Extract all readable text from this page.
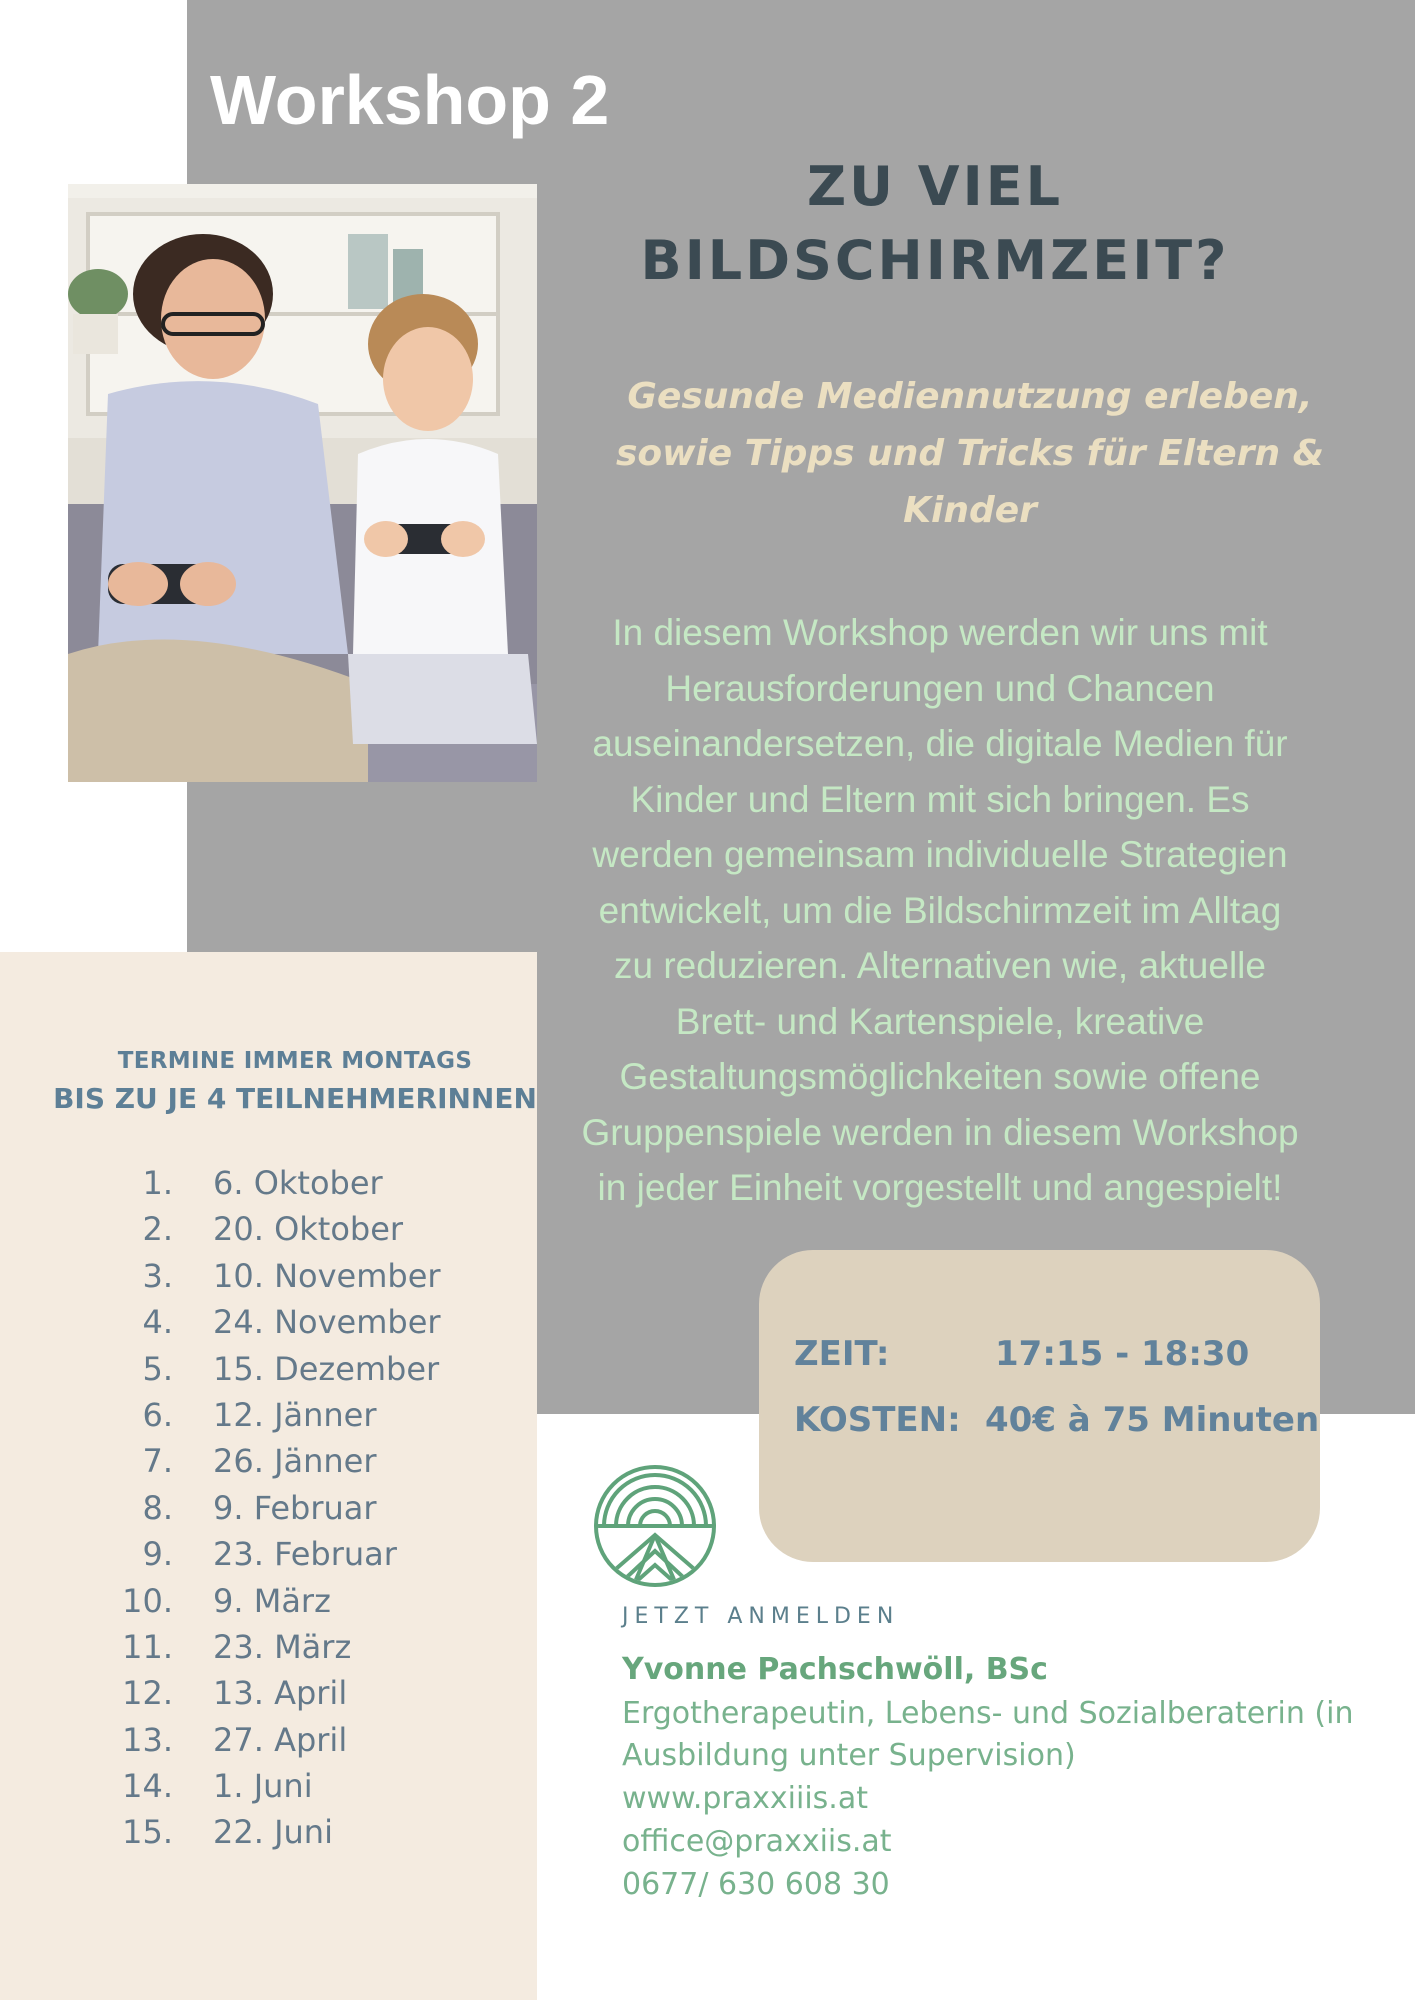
Workshop 2
ZU VIEL
BILDSCHIRMZEIT?
Gesunde Mediennutzung erleben,
sowie Tipps und Tricks für Eltern &
Kinder
In diesem Workshop werden wir uns mit
Herausforderungen und Chancen
auseinandersetzen, die digitale Medien für
Kinder und Eltern mit sich bringen. Es
werden gemeinsam individuelle Strategien
entwickelt, um die Bildschirmzeit im Alltag
zu reduzieren. Alternativen wie, aktuelle
Brett- und Kartenspiele, kreative
Gestaltungsmöglichkeiten sowie offene
Gruppenspiele werden in diesem Workshop
in jeder Einheit vorgestellt und angespielt!
TERMINE IMMER MONTAGS
BIS ZU JE 4 TEILNEHMERINNEN
1. 6. Oktober
2. 20. Oktober
3. 10. November
4. 24. November
5. 15. Dezember
6. 12. Jänner
7. 26. Jänner
8. 9. Februar
9. 23. Februar
10. 9. März
11. 23. März
12. 13. April
13. 27. April
14. 1. Juni
15. 22. Juni
ZEIT:	17:15 - 18:30
KOSTEN: 40€ à 75 Minuten
JETZT ANMELDEN
Yvonne Pachschwöll, BSc
Ergotherapeutin, Lebens- und Sozialberaterin (in
Ausbildung unter Supervision)
www.praxxiiis.at
office@praxxiis.at
0677/ 630 608 30
